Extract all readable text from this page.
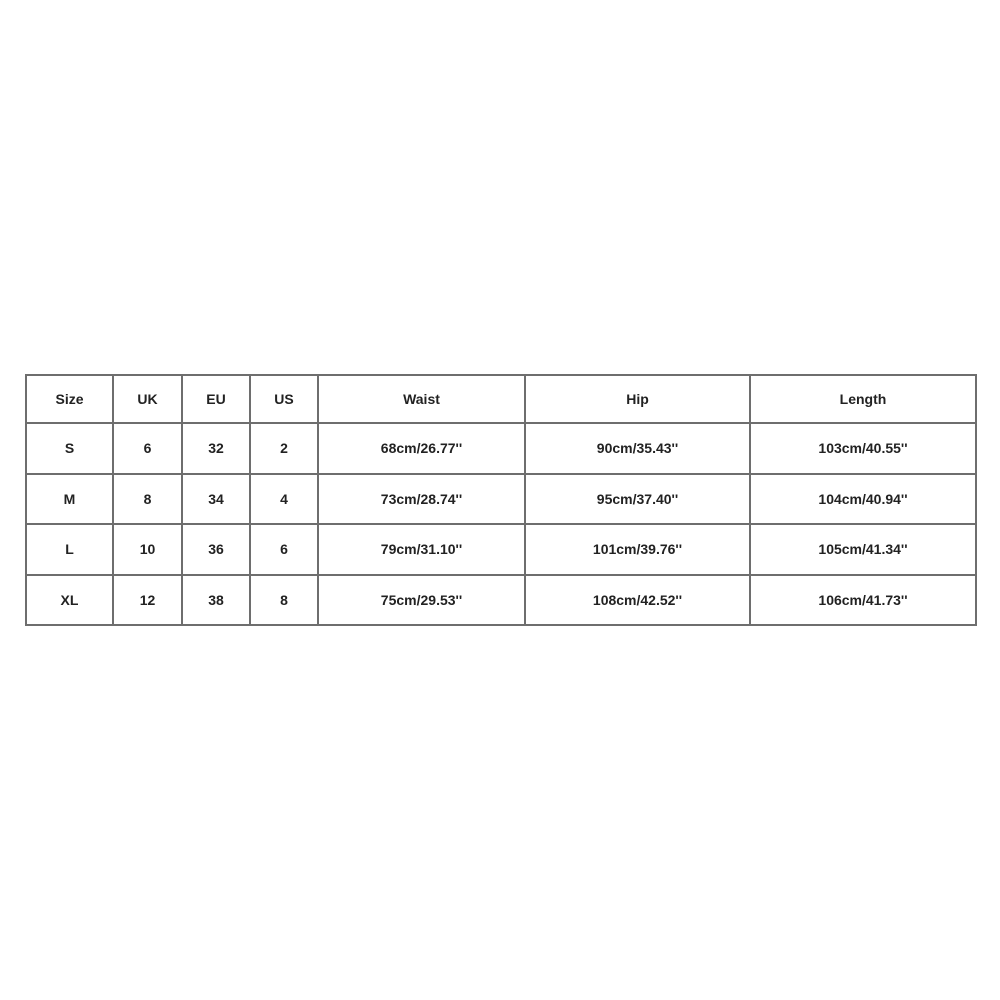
Size	UK	EU	US	Waist	Hip	Length
S	6	32	2	68cm/26.77''	90cm/35.43''	103cm/40.55''
M	8	34	4	73cm/28.74''	95cm/37.40''	104cm/40.94''
L	10	36	6	79cm/31.10''	101cm/39.76''	105cm/41.34''
XL	12	38	8	75cm/29.53''	108cm/42.52''	106cm/41.73''
